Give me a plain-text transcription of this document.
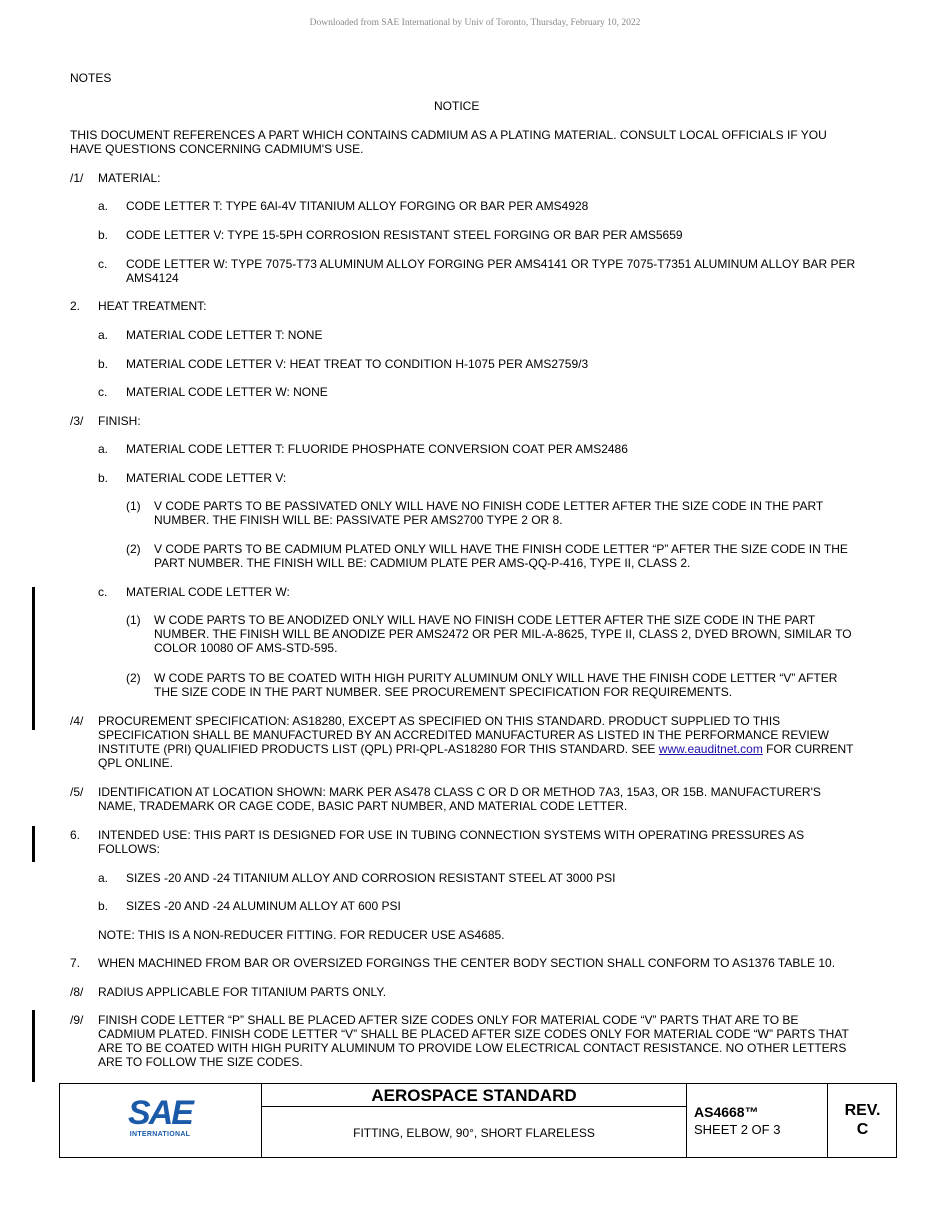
Downloaded from SAE International by Univ of Toronto, Thursday, February 10, 2022
NOTES
NOTICE
THIS DOCUMENT REFERENCES A PART WHICH CONTAINS CADMIUM AS A PLATING MATERIAL. CONSULT LOCAL OFFICIALS IF YOU
HAVE QUESTIONS CONCERNING CADMIUM'S USE.
/1/ MATERIAL:
a. CODE LETTER T: TYPE 6Al-4V TITANIUM ALLOY FORGING OR BAR PER AMS4928
b. CODE LETTER V: TYPE 15-5PH CORROSION RESISTANT STEEL FORGING OR BAR PER AMS5659
c. CODE LETTER W: TYPE 7075-T73 ALUMINUM ALLOY FORGING PER AMS4141 OR TYPE 7075-T7351 ALUMINUM ALLOY BAR PER
AMS4124
2. HEAT TREATMENT:
a. MATERIAL CODE LETTER T: NONE
b. MATERIAL CODE LETTER V: HEAT TREAT TO CONDITION H-1075 PER AMS2759/3
c. MATERIAL CODE LETTER W: NONE
/3/ FINISH:
a. MATERIAL CODE LETTER T: FLUORIDE PHOSPHATE CONVERSION COAT PER AMS2486
b. MATERIAL CODE LETTER V:
(1) V CODE PARTS TO BE PASSIVATED ONLY WILL HAVE NO FINISH CODE LETTER AFTER THE SIZE CODE IN THE PART
NUMBER. THE FINISH WILL BE: PASSIVATE PER AMS2700 TYPE 2 OR 8.
(2) V CODE PARTS TO BE CADMIUM PLATED ONLY WILL HAVE THE FINISH CODE LETTER “P” AFTER THE SIZE CODE IN THE
PART NUMBER. THE FINISH WILL BE: CADMIUM PLATE PER AMS-QQ-P-416, TYPE II, CLASS 2.
c. MATERIAL CODE LETTER W:
(1) W CODE PARTS TO BE ANODIZED ONLY WILL HAVE NO FINISH CODE LETTER AFTER THE SIZE CODE IN THE PART
NUMBER. THE FINISH WILL BE ANODIZE PER AMS2472 OR PER MIL-A-8625, TYPE II, CLASS 2, DYED BROWN, SIMILAR TO
COLOR 10080 OF AMS-STD-595.
(2) W CODE PARTS TO BE COATED WITH HIGH PURITY ALUMINUM ONLY WILL HAVE THE FINISH CODE LETTER “V” AFTER
THE SIZE CODE IN THE PART NUMBER. SEE PROCUREMENT SPECIFICATION FOR REQUIREMENTS.
/4/ PROCUREMENT SPECIFICATION: AS18280, EXCEPT AS SPECIFIED ON THIS STANDARD. PRODUCT SUPPLIED TO THIS
SPECIFICATION SHALL BE MANUFACTURED BY AN ACCREDITED MANUFACTURER AS LISTED IN THE PERFORMANCE REVIEW
INSTITUTE (PRI) QUALIFIED PRODUCTS LIST (QPL) PRI-QPL-AS18280 FOR THIS STANDARD. SEE www.eauditnet.com FOR CURRENT
QPL ONLINE.
/5/ IDENTIFICATION AT LOCATION SHOWN: MARK PER AS478 CLASS C OR D OR METHOD 7A3, 15A3, OR 15B. MANUFACTURER'S
NAME, TRADEMARK OR CAGE CODE, BASIC PART NUMBER, AND MATERIAL CODE LETTER.
6. INTENDED USE: THIS PART IS DESIGNED FOR USE IN TUBING CONNECTION SYSTEMS WITH OPERATING PRESSURES AS
FOLLOWS:
a. SIZES -20 AND -24 TITANIUM ALLOY AND CORROSION RESISTANT STEEL AT 3000 PSI
b. SIZES -20 AND -24 ALUMINUM ALLOY AT 600 PSI
NOTE: THIS IS A NON-REDUCER FITTING. FOR REDUCER USE AS4685.
7. WHEN MACHINED FROM BAR OR OVERSIZED FORGINGS THE CENTER BODY SECTION SHALL CONFORM TO AS1376 TABLE 10.
/8/ RADIUS APPLICABLE FOR TITANIUM PARTS ONLY.
/9/ FINISH CODE LETTER “P” SHALL BE PLACED AFTER SIZE CODES ONLY FOR MATERIAL CODE “V” PARTS THAT ARE TO BE
CADMIUM PLATED. FINISH CODE LETTER “V” SHALL BE PLACED AFTER SIZE CODES ONLY FOR MATERIAL CODE “W” PARTS THAT
ARE TO BE COATED WITH HIGH PURITY ALUMINUM TO PROVIDE LOW ELECTRICAL CONTACT RESISTANCE. NO OTHER LETTERS
ARE TO FOLLOW THE SIZE CODES.
SAE
INTERNATIONAL
AEROSPACE STANDARD
FITTING, ELBOW, 90°, SHORT FLARELESS
AS4668™
SHEET 2 OF 3
REV.
C
